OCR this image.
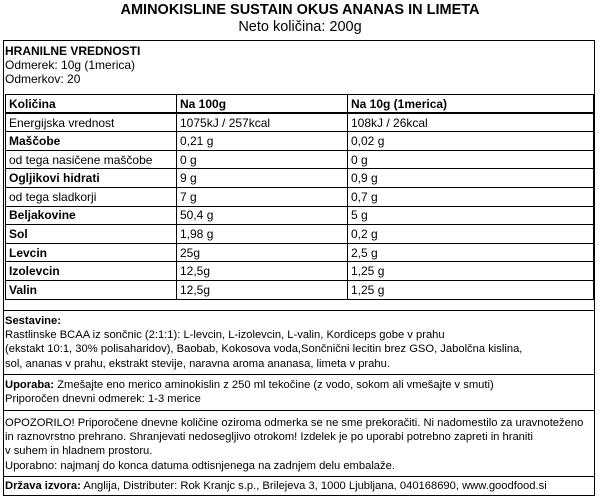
AMINOKISLINE SUSTAIN OKUS ANANAS IN LIMETA
Neto količina: 200g
HRANILNE VREDNOSTI
Odmerek: 10g (1merica)
Odmerkov: 20
Količina	Na 100g	Na 10g (1merica)
Energijska vrednost	1075kJ / 257kcal	108kJ / 26kcal
Maščobe	0,21 g	0,02 g
od tega nasičene maščobe	0 g	0 g
Ogljikovi hidrati	9 g	0,9 g
od tega sladkorji	7 g	0,7 g
Beljakovine	50,4 g	5 g
Sol	1,98 g	0,2 g
Levcin	25g	2,5 g
Izolevcin	12,5g	1,25 g
Valin	12,5g	1,25 g
Sestavine:
Rastlinske BCAA iz sončnic (2:1:1): L-levcin, L-izolevcin, L-valin, Kordiceps gobe v prahu
(ekstakt 10:1, 30% polisaharidov), Baobab, Kokosova voda,Sončnični lecitin brez GSO, Jabolčna kislina,
sol, ananas v prahu, ekstrakt stevije, naravna aroma ananasa, limeta v prahu.
Uporaba: Zmešajte eno merico aminokislin z 250 ml tekočine (z vodo, sokom ali vmešajte v smuti)
Priporočen dnevni odmerek: 1-3 merice
OPOZORILO! Priporočene dnevne količine oziroma odmerka se ne sme prekoračiti. Ni nadomestilo za uravnoteženo
in raznovrstno prehrano. Shranjevati nedosegljivo otrokom! Izdelek je po uporabi potrebno zapreti in hraniti
v suhem in hladnem prostoru.
Uporabno: najmanj do konca datuma odtisnjenega na zadnjem delu embalaže.
Država izvora: Anglija, Distributer: Rok Kranjc s.p., Brilejeva 3, 1000 Ljubljana, 040168690, www.goodfood.si
